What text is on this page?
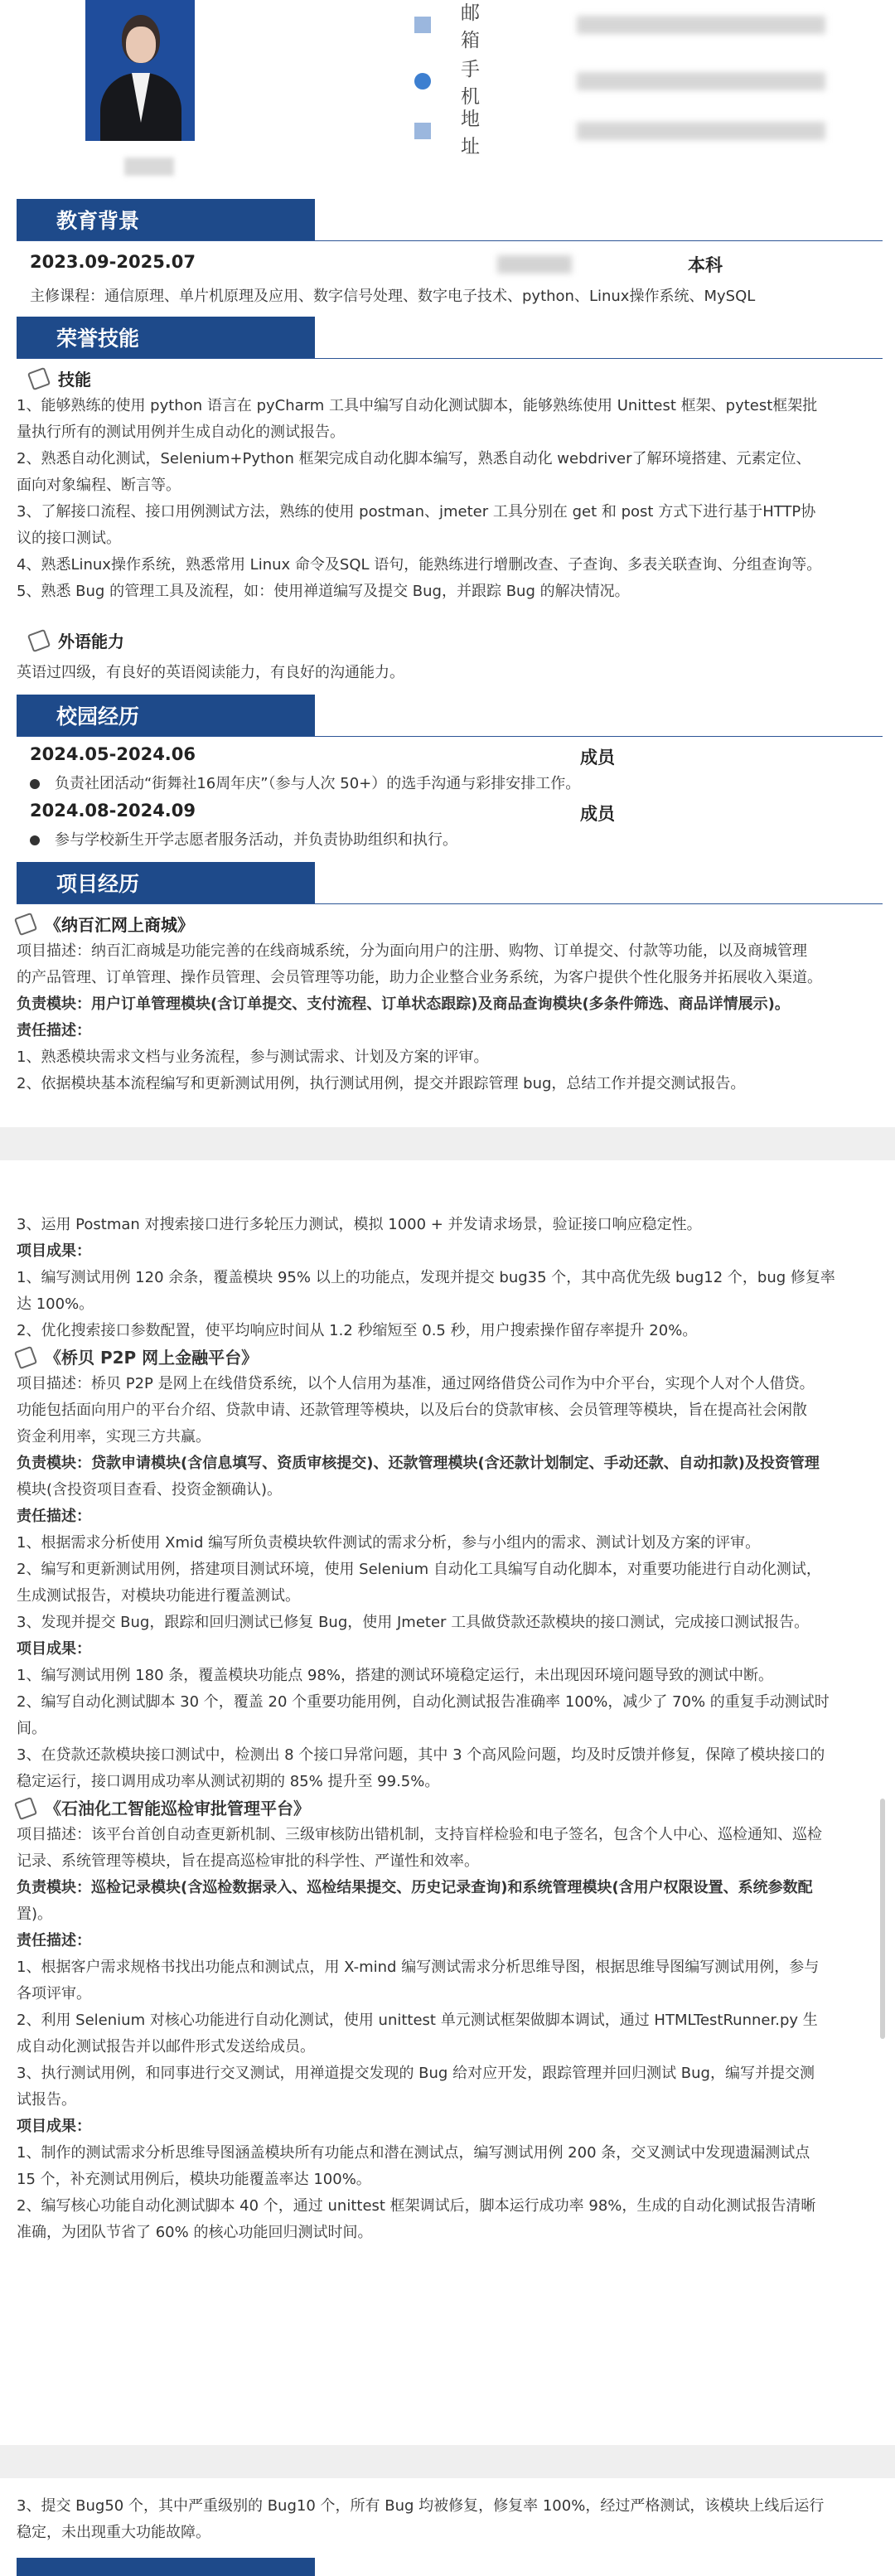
邮 箱
手 机
地 址
教育背景
2023.09-2025.07	本科
主修课程：通信原理、单片机原理及应用、数字信号处理、数字电子技术、python、Linux操作系统、MySQL
荣誉技能
技能
1、能够熟练的使用 python 语言在 pyCharm 工具中编写自动化测试脚本，能够熟练使用 Unittest 框架、pytest框架批
量执行所有的测试用例并生成自动化的测试报告。
2、熟悉自动化测试，Selenium+Python 框架完成自动化脚本编写，熟悉自动化 webdriver了解环境搭建、元素定位、
面向对象编程、断言等。
3、了解接口流程、接口用例测试方法，熟练的使用 postman、jmeter 工具分别在 get 和 post 方式下进行基于HTTP协
议的接口测试。
4、熟悉Linux操作系统，熟悉常用 Linux 命令及SQL 语句，能熟练进行增删改查、子查询、多表关联查询、分组查询等。
5、熟悉 Bug 的管理工具及流程，如：使用禅道编写及提交 Bug，并跟踪 Bug 的解决情况。
外语能力
英语过四级，有良好的英语阅读能力，有良好的沟通能力。
校园经历
2024.05-2024.06	成员
负责社团活动“街舞社16周年庆”（参与人次 50+）的选手沟通与彩排安排工作。
2024.08-2024.09	成员
参与学校新生开学志愿者服务活动，并负责协助组织和执行。
项目经历
《纳百汇网上商城》
项目描述：纳百汇商城是功能完善的在线商城系统，分为面向用户的注册、购物、订单提交、付款等功能，以及商城管理
的产品管理、订单管理、操作员管理、会员管理等功能，助力企业整合业务系统，为客户提供个性化服务并拓展收入渠道。
负责模块：用户订单管理模块(含订单提交、支付流程、订单状态跟踪)及商品查询模块(多条件筛选、商品详情展示)。
责任描述：
1、熟悉模块需求文档与业务流程，参与测试需求、计划及方案的评审。
2、依据模块基本流程编写和更新测试用例，执行测试用例，提交并跟踪管理 bug，总结工作并提交测试报告。
3、运用 Postman 对搜索接口进行多轮压力测试，模拟 1000 + 并发请求场景，验证接口响应稳定性。
项目成果：
1、编写测试用例 120 余条，覆盖模块 95% 以上的功能点，发现并提交 bug35 个，其中高优先级 bug12 个，bug 修复率
达 100%。
2、优化搜索接口参数配置，使平均响应时间从 1.2 秒缩短至 0.5 秒，用户搜索操作留存率提升 20%。
《桥贝 P2P 网上金融平台》
项目描述：桥贝 P2P 是网上在线借贷系统，以个人信用为基准，通过网络借贷公司作为中介平台，实现个人对个人借贷。
功能包括面向用户的平台介绍、贷款申请、还款管理等模块，以及后台的贷款审核、会员管理等模块，旨在提高社会闲散
资金利用率，实现三方共赢。
负责模块：贷款申请模块(含信息填写、资质审核提交)、还款管理模块(含还款计划制定、手动还款、自动扣款)及投资管理
模块(含投资项目查看、投资金额确认)。
责任描述：
1、根据需求分析使用 Xmid 编写所负责模块软件测试的需求分析，参与小组内的需求、测试计划及方案的评审。
2、编写和更新测试用例，搭建项目测试环境，使用 Selenium 自动化工具编写自动化脚本，对重要功能进行自动化测试，
生成测试报告，对模块功能进行覆盖测试。
3、发现并提交 Bug，跟踪和回归测试已修复 Bug，使用 Jmeter 工具做贷款还款模块的接口测试，完成接口测试报告。
项目成果：
1、编写测试用例 180 条，覆盖模块功能点 98%，搭建的测试环境稳定运行，未出现因环境问题导致的测试中断。
2、编写自动化测试脚本 30 个，覆盖 20 个重要功能用例，自动化测试报告准确率 100%，减少了 70% 的重复手动测试时
间。
3、在贷款还款模块接口测试中，检测出 8 个接口异常问题，其中 3 个高风险问题，均及时反馈并修复，保障了模块接口的
稳定运行，接口调用成功率从测试初期的 85% 提升至 99.5%。
《石油化工智能巡检审批管理平台》
项目描述：该平台首创自动查更新机制、三级审核防出错机制，支持盲样检验和电子签名，包含个人中心、巡检通知、巡检
记录、系统管理等模块，旨在提高巡检审批的科学性、严谨性和效率。
负责模块：巡检记录模块(含巡检数据录入、巡检结果提交、历史记录查询)和系统管理模块(含用户权限设置、系统参数配
置)。
责任描述：
1、根据客户需求规格书找出功能点和测试点，用 X-mind 编写测试需求分析思维导图，根据思维导图编写测试用例，参与
各项评审。
2、利用 Selenium 对核心功能进行自动化测试，使用 unittest 单元测试框架做脚本调试，通过 HTMLTestRunner.py 生
成自动化测试报告并以邮件形式发送给成员。
3、执行测试用例，和同事进行交叉测试，用禅道提交发现的 Bug 给对应开发，跟踪管理并回归测试 Bug，编写并提交测
试报告。
项目成果：
1、制作的测试需求分析思维导图涵盖模块所有功能点和潜在测试点，编写测试用例 200 条，交叉测试中发现遗漏测试点
15 个，补充测试用例后，模块功能覆盖率达 100%。
2、编写核心功能自动化测试脚本 40 个，通过 unittest 框架调试后，脚本运行成功率 98%，生成的自动化测试报告清晰
准确，为团队节省了 60% 的核心功能回归测试时间。
3、提交 Bug50 个，其中严重级别的 Bug10 个，所有 Bug 均被修复，修复率 100%，经过严格测试，该模块上线后运行
稳定，未出现重大功能故障。
